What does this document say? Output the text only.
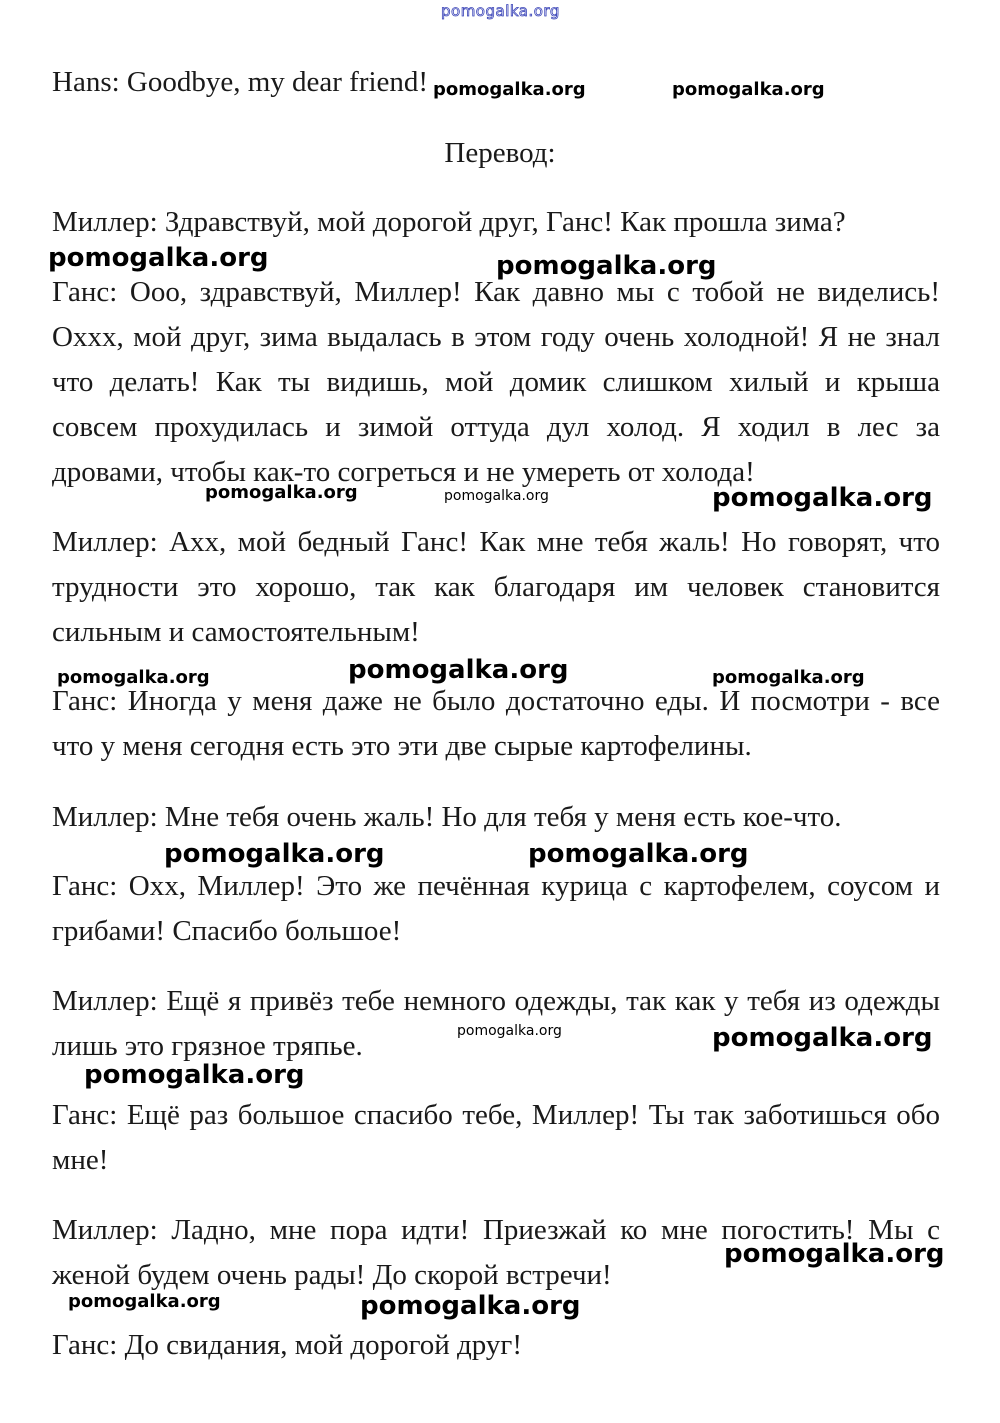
pomogalka.org

Hans: Goodbye, my dear friend!

Перевод:

Миллер: Здравствуй, мой дорогой друг, Ганс! Как прошла зима?

Ганс: Ооо, здравствуй, Миллер! Как давно мы с тобой не виделись! Оххх, мой друг, зима выдалась в этом году очень холодной! Я не знал что делать! Как ты видишь, мой домик слишком хилый и крыша совсем прохудилась и зимой оттуда дул холод. Я ходил в лес за дровами, чтобы как-то согреться и не умереть от холода!

Миллер: Ахх, мой бедный Ганс! Как мне тебя жаль! Но говорят, что трудности это хорошо, так как благодаря им человек становится сильным и самостоятельным!

Ганс: Иногда у меня даже не было достаточно еды. И посмотри - все что у меня сегодня есть это эти две сырые картофелины.

Миллер: Мне тебя очень жаль! Но для тебя у меня есть кое-что.

Ганс: Охх, Миллер! Это же печённая курица с картофелем, соусом и грибами! Спасибо большое!

Миллер: Ещё я привёз тебе немного одежды, так как у тебя из одежды лишь это грязное тряпье.

Ганс: Ещё раз большое спасибо тебе, Миллер! Ты так заботишься обо мне!

Миллер: Ладно, мне пора идти! Приезжай ко мне погостить! Мы с женой будем очень рады! До скорой встречи!

Ганс: До свидания, мой дорогой друг!

pomogalka.org	pomogalka.org
pomogalka.org	pomogalka.org
pomogalka.org	pomogalka.org	pomogalka.org
pomogalka.org	pomogalka.org	pomogalka.org
pomogalka.org	pomogalka.org
pomogalka.org	pomogalka.org
pomogalka.org
pomogalka.org
pomogalka.org	pomogalka.org
